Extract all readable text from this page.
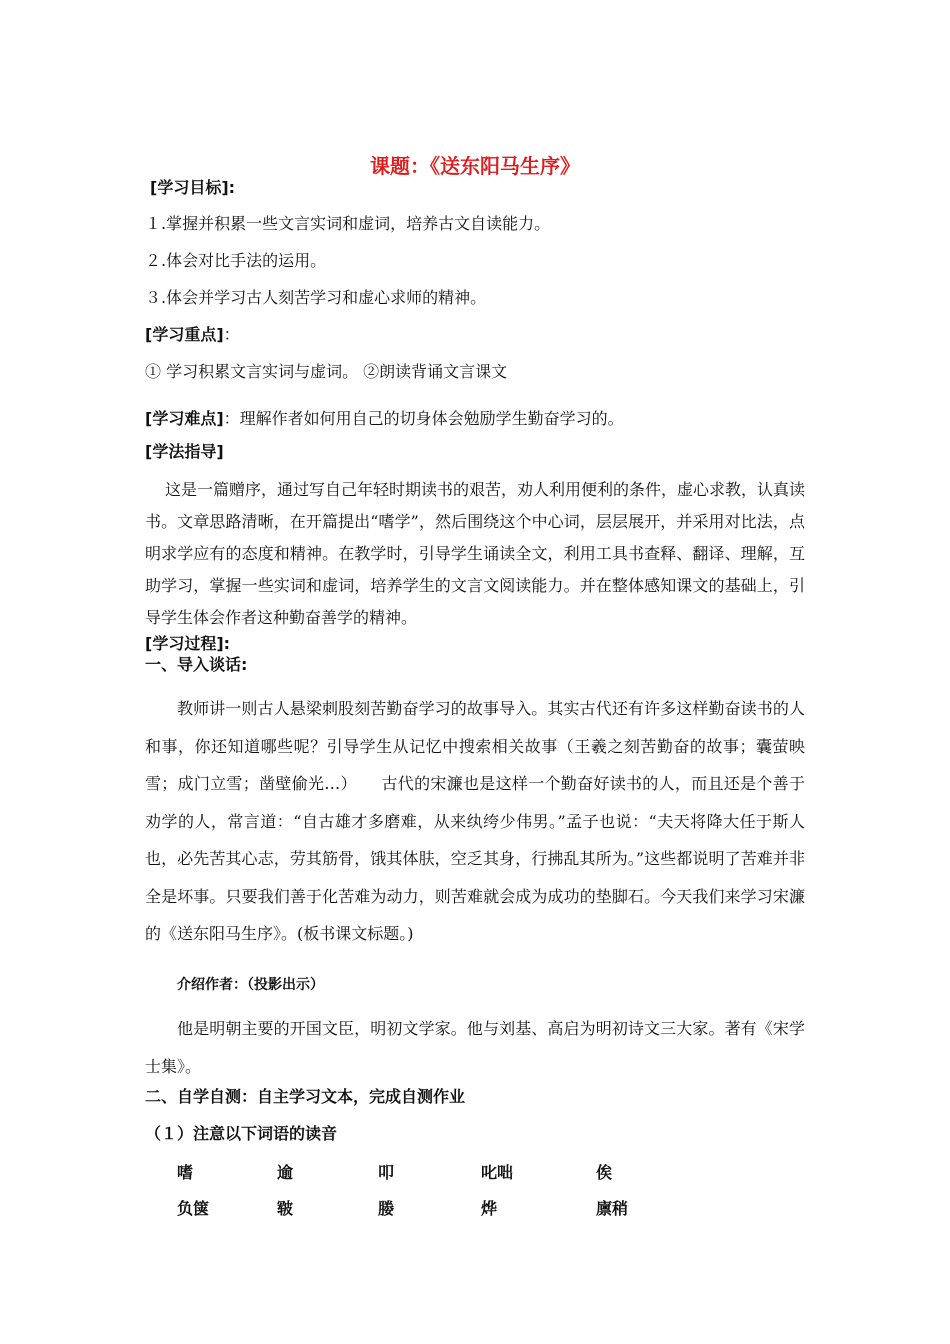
课题：《送东阳马生序》
[学习目标]:
１.掌握并积累一些文言实词和虚词，培养古文自读能力。
２.体会对比手法的运用。
３.体会并学习古人刻苦学习和虚心求师的精神。
[学习重点]：
① 学习积累文言实词与虚词。 ②朗读背诵文言课文
[学习难点]：理解作者如何用自己的切身体会勉励学生勤奋学习的。
[学法指导]

这是一篇赠序，通过写自己年轻时期读书的艰苦，劝人利用便利的条件，虚心求教，认真读书。文章思路清晰，在开篇提出“嗜学”，然后围绕这个中心词，层层展开，并采用对比法，点明求学应有的态度和精神。在教学时，引导学生诵读全文，利用工具书查释、翻译、理解，互助学习，掌握一些实词和虚词，培养学生的文言文阅读能力。并在整体感知课文的基础上，引导学生体会作者这种勤奋善学的精神。

[学习过程]:
一、导入谈话:

教师讲一则古人悬梁刺股刻苦勤奋学习的故事导入。其实古代还有许多这样勤奋读书的人和事，你还知道哪些呢？引导学生从记忆中搜索相关故事（王羲之刻苦勤奋的故事；囊萤映雪；成门立雪；凿壁偷光…）　　古代的宋濂也是这样一个勤奋好读书的人，而且还是个善于劝学的人，常言道：“自古雄才多磨难，从来纨绔少伟男。”孟子也说：“夫天将降大任于斯人也，必先苦其心志，劳其筋骨，饿其体肤，空乏其身，行拂乱其所为。”这些都说明了苦难并非全是坏事。只要我们善于化苦难为动力，则苦难就会成为成功的垫脚石。今天我们来学习宋濂的《送东阳马生序》。(板书课文标题。)

介绍作者：（投影出示）

他是明朝主要的开国文臣，明初文学家。他与刘基、高启为明初诗文三大家。著有《宋学士集》。

二、自学自测：自主学习文本，完成自测作业
（１）注意以下词语的读音
嗜	逾	叩	叱咄	俟
负箧	皲	媵	烨	廪稍
